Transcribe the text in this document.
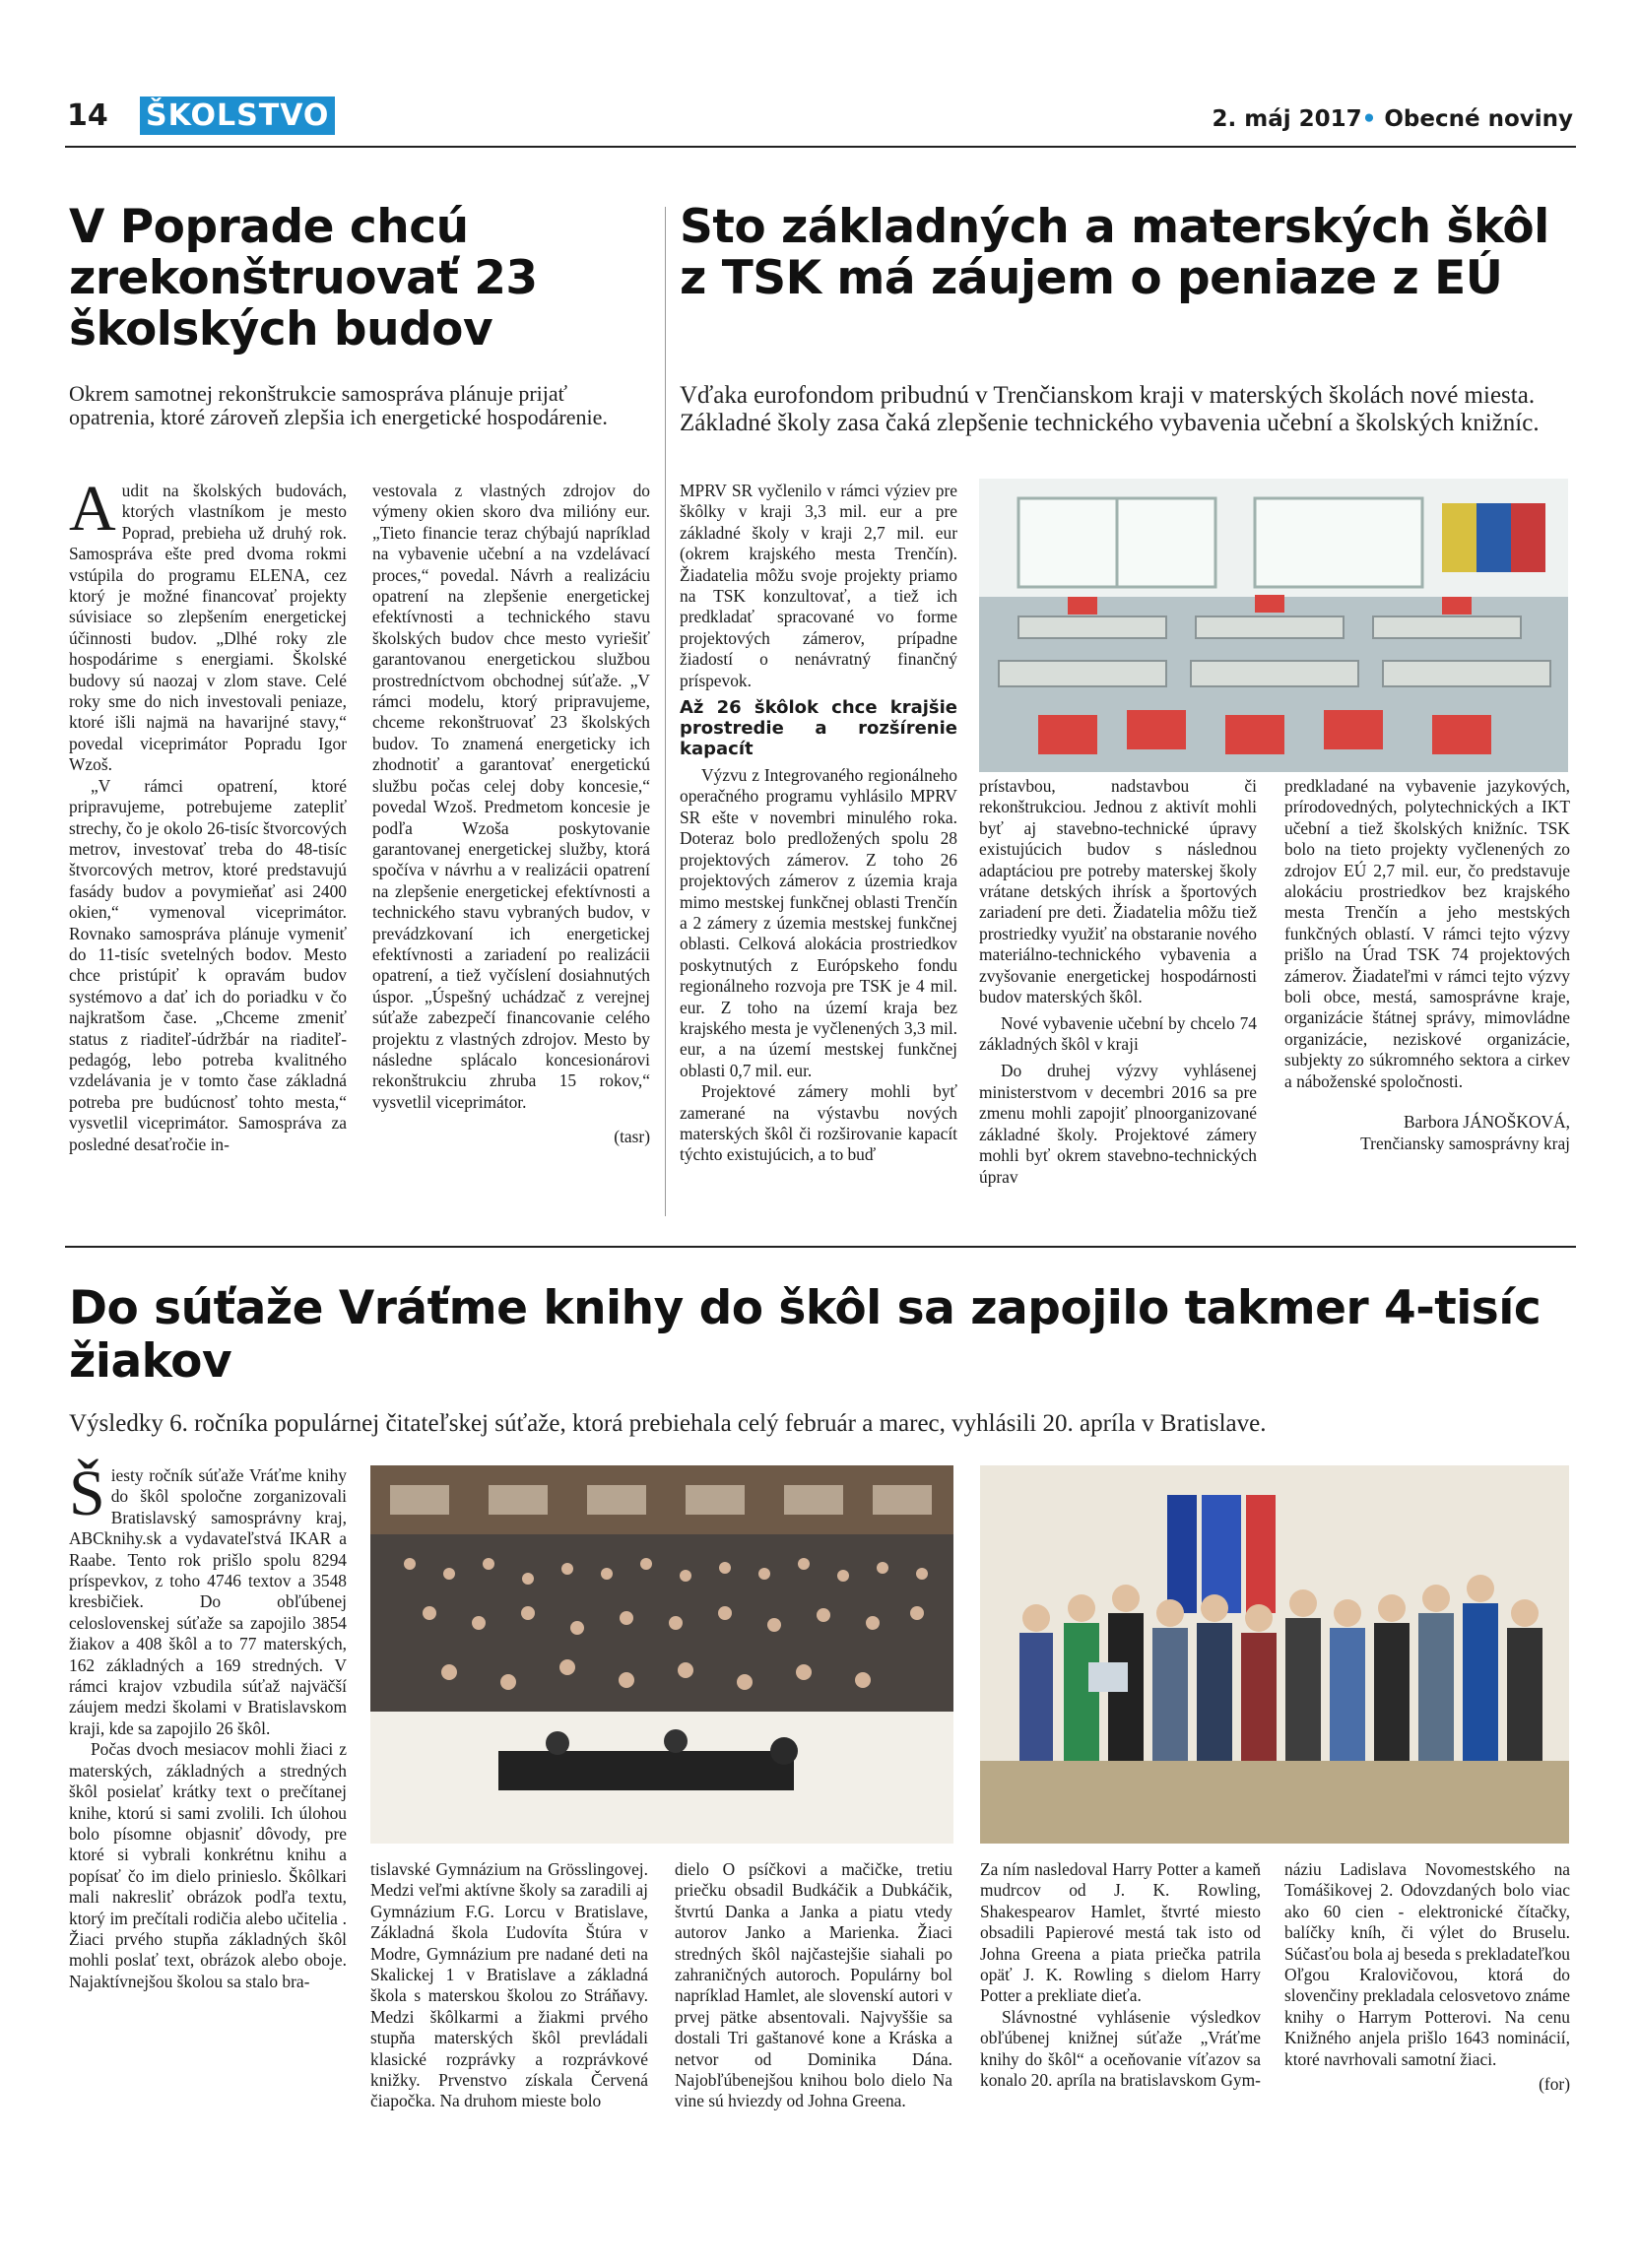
14 ŠKOLSTVO	2. máj 2017• Obecné noviny
V Poprade chcú zrekonštruovať 23 školských budov
Okrem samotnej rekonštrukcie samospráva plánuje prijať opatrenia, ktoré zároveň zlepšia ich energetické hospodárenie.
A udit na školských budovách, ktorých vlastníkom je mesto Poprad, prebieha už druhý rok. Samospráva ešte pred dvoma rokmi vstúpila do programu ELENA, cez ktorý je možné financovať projekty súvisiace so zlepšením energetickej účinnosti budov. „Dlhé roky zle hospodárime s energiami. Školské budovy sú naozaj v zlom stave. Celé roky sme do nich investovali peniaze, ktoré išli najmä na havarijné stavy,“ povedal viceprimátor Popradu Igor Wzoš.

„V rámci opatrení, ktoré pripravujeme, potrebujeme zatepliť strechy, čo je okolo 26-tisíc štvorcových metrov, investovať treba do 48-tisíc štvorcových metrov, ktoré predstavujú fasády budov a povymieňať asi 2400 okien,“ vymenoval viceprimátor. Rovnako samospráva plánuje vymeniť do 11-tisíc svetelných bodov. Mesto chce pristúpiť k opravám budov systémovo a dať ich do poriadku v čo najkratšom čase. „Chceme zmeniť status z riaditeľ-údržbár na riaditeľ-pedagóg, lebo potreba kvalitného vzdelávania je v tomto čase základná potreba pre budúcnosť tohto mesta,“ vysvetlil viceprimátor. Samospráva za posledné desaťročie in-

vestovala z vlastných zdrojov do výmeny okien skoro dva milióny eur. „Tieto financie teraz chýbajú napríklad na vybavenie učební a na vzdelávací proces,“ povedal. Návrh a realizáciu opatrení na zlepšenie energetickej efektívnosti a technického stavu školských budov chce mesto vyriešiť garantovanou energetickou službou prostredníctvom obchodnej súťaže. „V rámci modelu, ktorý pripravujeme, chceme rekonštruovať 23 školských budov. To znamená energeticky ich zhodnotiť a garantovať energetickú službu počas celej doby koncesie,“ povedal Wzoš. Predmetom koncesie je podľa Wzoša poskytovanie garantovanej energetickej služby, ktorá spočíva v návrhu a v realizácii opatrení na zlepšenie energetickej efektívnosti a technického stavu vybraných budov, v prevádzkovaní ich energetickej efektívnosti a zariadení po realizácii opatrení, a tiež vyčíslení dosiahnutých úspor. „Úspešný uchádzač z verejnej súťaže zabezpečí financovanie celého projektu z vlastných zdrojov. Mesto by následne splácalo koncesionárovi rekonštrukciu zhruba 15 rokov,“ vysvetlil viceprimátor.

(tasr)

Sto základných a materských škôl z TSK má záujem o peniaze z EÚ
Vďaka eurofondom pribudnú v Trenčianskom kraji v materských školách nové miesta. Základné školy zasa čaká zlepšenie technického vybavenia učební a školských knižníc.

MPRV SR vyčlenilo v rámci výziev pre škôlky v kraji 3,3 mil. eur a pre základné školy v kraji 2,7 mil. eur (okrem krajského mesta Trenčín). Žiadatelia môžu svoje projekty priamo na TSK konzultovať, a tiež ich predkladať spracované vo forme projektových zámerov, prípadne žiadostí o nenávratný finančný príspevok.

Až 26 škôlok chce krajšie prostredie a rozšírenie kapacít

Výzvu z Integrovaného regionálneho operačného programu vyhlásilo MPRV SR ešte v novembri minulého roka. Doteraz bolo predložených spolu 28 projektových zámerov. Z toho 26 projektových zámerov z územia kraja mimo mestskej funkčnej oblasti Trenčín a 2 zámery z územia mestskej funkčnej oblasti. Celková alokácia prostriedkov poskytnutých z Európskeho fondu regionálneho rozvoja pre TSK je 4 mil. eur. Z toho na území kraja bez krajského mesta je vyčlenených 3,3 mil. eur, a na území mestskej funkčnej oblasti 0,7 mil. eur.

Projektové zámery mohli byť zamerané na výstavbu nových materských škôl či rozširovanie kapacít týchto existujúcich, a to buď

prístavbou, nadstavbou či rekonštrukciou. Jednou z aktivít mohli byť aj stavebno-technické úpravy existujúcich budov s následnou adaptáciou pre potreby materskej školy vrátane detských ihrísk a športových zariadení pre deti. Žiadatelia môžu tiež prostriedky využiť na obstaranie nového materiálno-technického vybavenia a zvyšovanie energetickej hospodárnosti budov materských škôl.

Nové vybavenie učební by chcelo 74 základných škôl v kraji

Do druhej výzvy vyhlásenej ministerstvom v decembri 2016 sa pre zmenu mohli zapojiť plnoorganizované základné školy. Projektové zámery mohli byť okrem stavebno-technických úprav

predkladané na vybavenie jazykových, prírodovedných, polytechnických a IKT učební a tiež školských knižníc. TSK bolo na tieto projekty vyčlenených zo zdrojov EÚ 2,7 mil. eur, čo predstavuje alokáciu prostriedkov bez krajského mesta Trenčín a jeho mestských funkčných oblastí. V rámci tejto výzvy prišlo na Úrad TSK 74 projektových zámerov. Žiadateľmi v rámci tejto výzvy boli obce, mestá, samosprávne kraje, organizácie štátnej správy, mimovládne organizácie, neziskové organizácie, subjekty zo súkromného sektora a cirkev a náboženské spoločnosti.

Barbora JÁNOŠKOVÁ,

Trenčiansky samosprávny kraj

Do súťaže Vráťme knihy do škôl sa zapojilo takmer 4-tisíc žiakov
Výsledky 6. ročníka populárnej čitateľskej súťaže, ktorá prebiehala celý február a marec, vyhlásili 20. apríla v Bratislave.
Š iesty ročník súťaže Vráťme knihy do škôl spoločne zorganizovali Bratislavský samosprávny kraj, ABCknihy.sk a vydavateľstvá IKAR a Raabe. Tento rok prišlo spolu 8294 príspevkov, z toho 4746 textov a 3548 kresbičiek. Do obľúbenej celoslovenskej súťaže sa zapojilo 3854 žiakov a 408 škôl a to 77 materských, 162 základných a 169 stredných. V rámci krajov vzbudila súťaž najväčší záujem medzi školami v Bratislavskom kraji, kde sa zapojilo 26 škôl.

Počas dvoch mesiacov mohli žiaci z materských, základných a stredných škôl posielať krátky text o prečítanej knihe, ktorú si sami zvolili. Ich úlohou bolo písomne objasniť dôvody, pre ktoré si vybrali konkrétnu knihu a popísať čo im dielo prinieslo. Škôlkari mali nakresliť obrázok podľa textu, ktorý im prečítali rodičia alebo učitelia . Žiaci prvého stupňa základných škôl mohli poslať text, obrázok alebo oboje. Najaktívnejšou školou sa stalo bra-

tislavské Gymnázium na Grösslingovej. Medzi veľmi aktívne školy sa zaradili aj Gymnázium F.G. Lorcu v Bratislave, Základná škola Ľudovíta Štúra v Modre, Gymnázium pre nadané deti na Skalickej 1 v Bratislave a základná škola s materskou školou zo Stráňavy. Medzi škôlkarmi a žiakmi prvého stupňa materských škôl prevládali klasické rozprávky a rozprávkové knižky. Prvenstvo získala Červená čiapočka. Na druhom mieste bolo

dielo O psíčkovi a mačičke, tretiu priečku obsadil Budkáčik a Dubkáčik, štvrtú Danka a Janka a piatu vtedy autorov Janko a Marienka. Žiaci stredných škôl najčastejšie siahali po zahraničných autoroch. Populárny bol napríklad Hamlet, ale slovenskí autori v prvej pätke absentovali. Najvyššie sa dostali Tri gaštanové kone a Kráska a netvor od Dominika Dána. Najobľúbenejšou knihou bolo dielo Na vine sú hviezdy od Johna Greena.

Za ním nasledoval Harry Potter a kameň mudrcov od J. K. Rowling, Shakespearov Hamlet, štvrté miesto obsadili Papierové mestá tak isto od Johna Greena a piata priečka patrila opäť J. K. Rowling s dielom Harry Potter a prekliate dieťa.

Slávnostné vyhlásenie výsledkov obľúbenej knižnej súťaže „Vráťme knihy do škôl“ a oceňovanie víťazov sa konalo 20. apríla na bratislavskom Gym-

náziu Ladislava Novomestského na Tomášikovej 2. Odovzdaných bolo viac ako 60 cien - elektronické čítačky, balíčky kníh, či výlet do Bruselu. Súčasťou bola aj beseda s prekladateľkou Oľgou Kralovičovou, ktorá do slovenčiny prekladala celosvetovo známe knihy o Harrym Potterovi. Na cenu Knižného anjela prišlo 1643 nominácií, ktoré navrhovali samotní žiaci.

(for)
